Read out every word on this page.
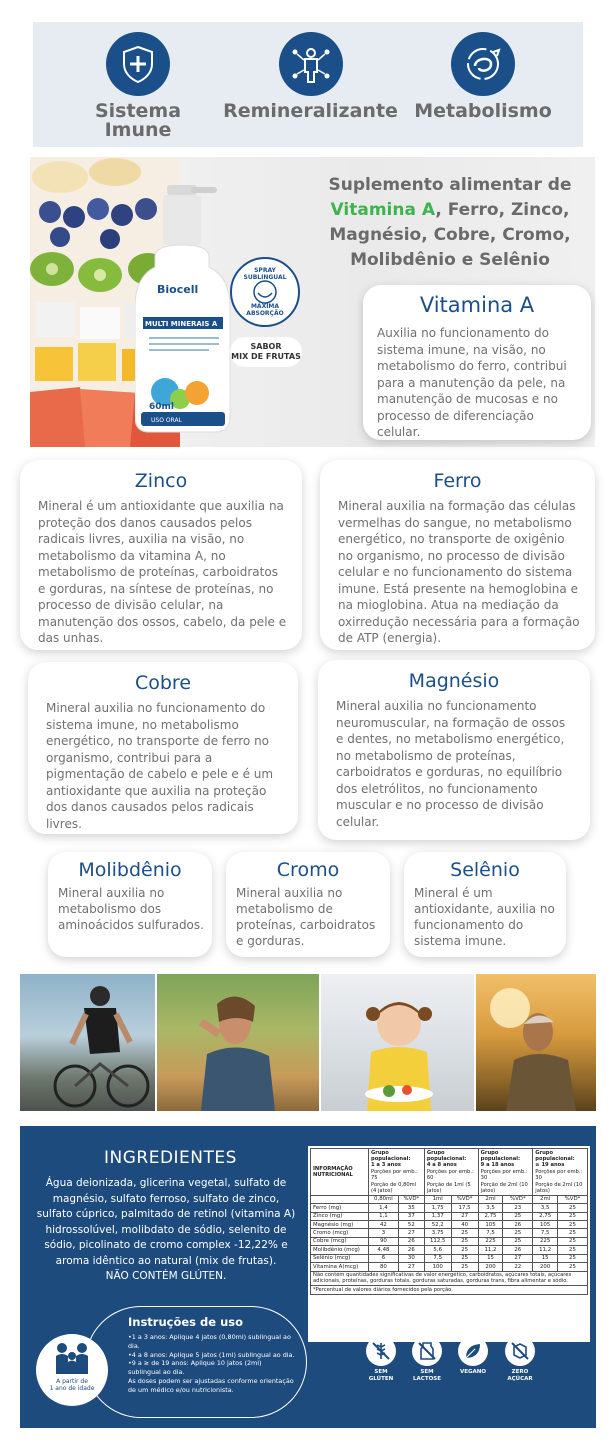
Sistema
Imune
Remineralizante Metabolismo
Biocell
MULTI MINERAIS A
60ml
USO ORAL
SPRAY SUBLINGUAL
MÁXIMA ABSORÇÃO
SABOR
MIX DE FRUTAS
Suplemento alimentar de
Vitamina A, Ferro, Zinco,
Magnésio, Cobre, Cromo,
Molibdênio e Selênio
Vitamina A

Auxilia no funcionamento do sistema imune, na visão, no metabolismo do ferro, contribui para a manutenção da pele, na manutenção de mucosas e no processo de diferenciação celular.

Zinco

Mineral é um antioxidante que auxilia na proteção dos danos causados pelos radicais livres, auxilia na visão, no metabolismo da vitamina A, no metabolismo de proteínas, carboidratos e gorduras, na síntese de proteínas, no processo de divisão celular, na manutenção dos ossos, cabelo, da pele e das unhas.

Ferro

Mineral auxilia na formação das células vermelhas do sangue, no metabolismo energético, no transporte de oxigênio no organismo, no processo de divisão celular e no funcionamento do sistema imune. Está presente na hemoglobina e na mioglobina. Atua na mediação da oxirredução necessária para a formação de ATP (energia).

Cobre

Mineral auxilia no funcionamento do sistema imune, no metabolismo energético, no transporte de ferro no organismo, contribui para a pigmentação de cabelo e pele e é um antioxidante que auxilia na proteção dos danos causados pelos radicais livres.

Magnésio

Mineral auxilia no funcionamento neuromuscular, na formação de ossos e dentes, no metabolismo energético, no metabolismo de proteínas, carboidratos e gorduras, no equilíbrio dos eletrólitos, no funcionamento muscular e no processo de divisão celular.

Molibdênio

Mineral auxilia no metabolismo dos aminoácidos sulfurados.

Cromo

Mineral auxilia no metabolismo de proteínas, carboidratos e gorduras.

Selênio

Mineral é um antioxidante, auxilia no funcionamento do sistema imune.

INGREDIENTES
Água deionizada, glicerina vegetal, sulfato de magnésio, sulfato ferroso, sulfato de zinco, sulfato cúprico, palmitado de retinol (vitamina A) hidrossolúvel, molibdato de sódio, selenito de sódio, picolinato de cromo complex -12,22% e aroma idêntico ao natural (mix de frutas).
NÃO CONTÉM GLÚTEN.
INFORMAÇÃO NUTRICIONAL	Grupo populacional:
1 a 3 anos
Porções por emb.: 75
Porção de 0,80ml (4 jatos)		Grupo populacional:
4 a 8 anos
Porções por emb.: 60
Porção de 1ml (5 jatos)		Grupo populacional:
9 a 18 anos
Porções por emb.: 30
Porção de 2ml (10 jatos)		Grupo populacional:
≥ 19 anos
Porções por emb.: 30
Porção de 2ml (10 jatos)	
	0,80ml	%VD*	1ml	%VD*	2ml	%VD*	2ml	%VD*
Ferro (mg)	1,4	35	1,75	17,5	3,5	23	3,5	25
Zinco (mg)	1,1	37	1,37	27	2,75	25	2,75	25
Magnésio (mg)	42	52	52,2	40	105	26	105	25
Cromo (mcg)	3	27	3,75	25	7,5	25	7,5	25
Cobre (mcg)	90	26	112,5	25	225	25	225	25
Molibdênio (mcg)	4,48	26	5,6	25	11,2	26	11,2	25
Selênio (mcg)	6	30	7,5	25	15	27	15	25
Vitamina A(mcg)	80	27	100	25	200	22	200	25
Não contém quantidades significativas de valor energético, carboidratos, açúcares totais, açúcares adicionais, proteínas, gorduras totais, gorduras saturadas, gorduras trans, fibra alimentar e sódio.								
*Percentual de valores diários fornecidos pela porção.								
Instruções de uso

•1 a 3 anos: Aplique 4 jatos (0,80ml) sublingual ao dia.

•4 a 8 anos: Aplique 5 jatos (1ml) sublingual ao dia.

•9 a ≥ de 19 anos: Aplique 10 jatos (2ml) sublingual ao dia.

As doses podem ser ajustadas conforme orientação de um médico e/ou nutricionista.

A partir de
1 ano de idade
SEM
GLÚTEN
SEM
LACTOSE
VEGANO	ZERO
AÇÚCAR
